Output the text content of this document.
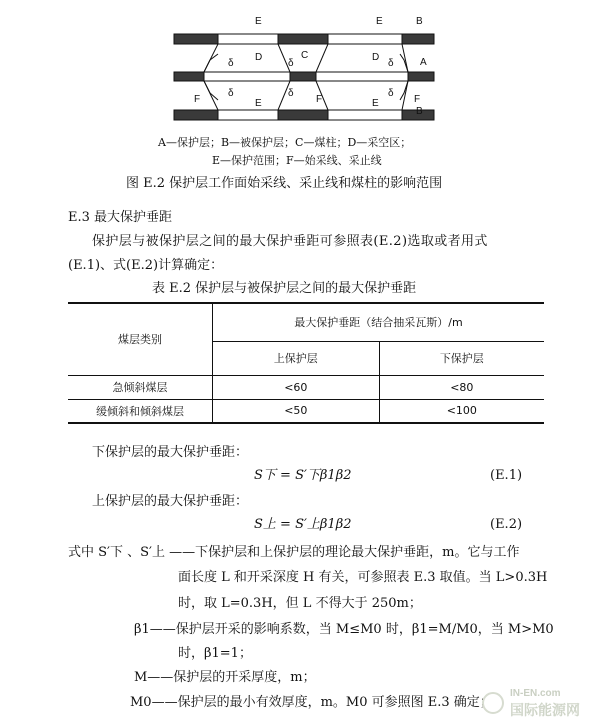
E	E	B
D	C	D	A
δ	δ	δ
δ	δ	δ
F	E	F	E	F
B
A—保护层；B—被保护层；C—煤柱；D—采空区；
E—保护范围；F—始采线、采止线
图 E.2 保护层工作面始采线、采止线和煤柱的影响范围
E.3 最大保护垂距
保护层与被保护层之间的最大保护垂距可参照表(E.2)选取或者用式
(E.1)、式(E.2)计算确定：
表 E.2 保护层与被保护层之间的最大保护垂距
煤层类别	最大保护垂距（结合抽采瓦斯）/m	
	上保护层	下保护层
急倾斜煤层	<60	<80
缓倾斜和倾斜煤层	<50	<100
下保护层的最大保护垂距：
S下 = S′下β1β2	(E.1)
上保护层的最大保护垂距：
S上 = S′上β1β2	(E.2)
式中 S′下 、S′上 ——下保护层和上保护层的理论最大保护垂距，m。它与工作
面长度 L 和开采深度 H 有关，可参照表 E.3 取值。当 L>0.3H
时，取 L=0.3H，但 L 不得大于 250m；
β1——保护层开采的影响系数，当 M≤M0 时，β1=M/M0，当 M>M0
时，β1=1；
M——保护层的开采厚度，m；
M0——保护层的最小有效厚度，m。M0 可参照图 E.3 确定；
IN-EN.com
国际能源网
